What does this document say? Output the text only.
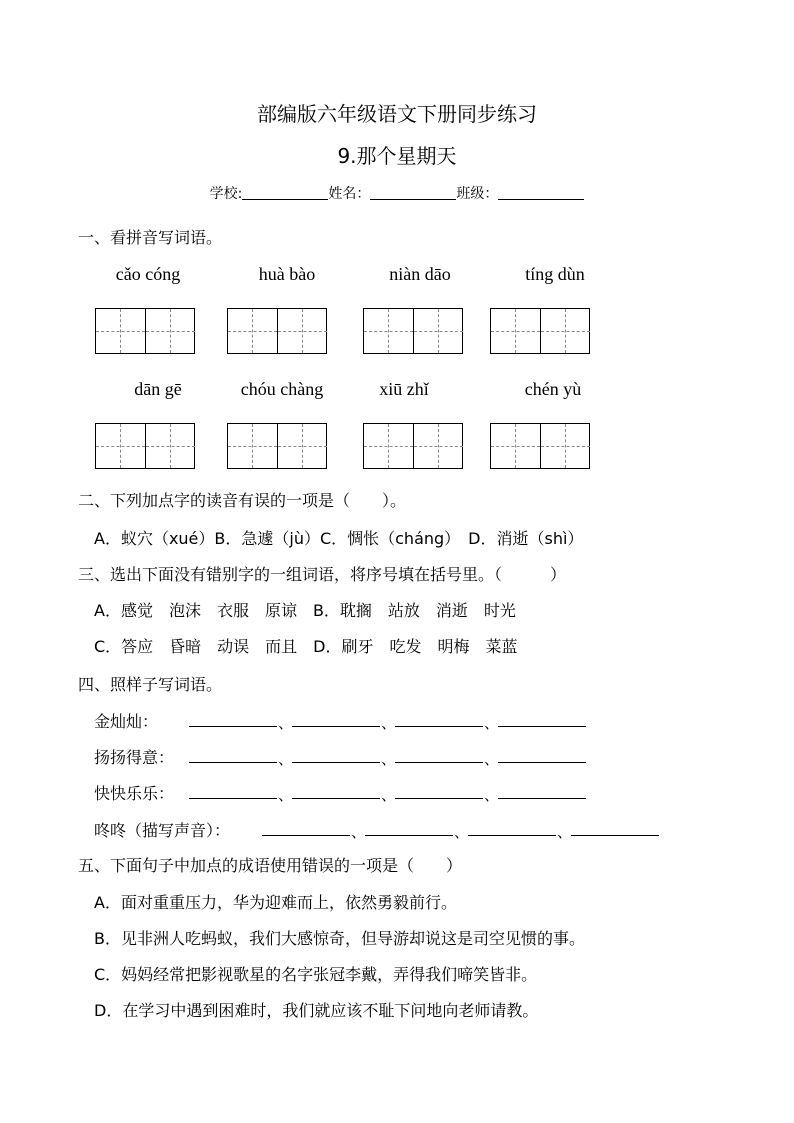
部编版六年级语文下册同步练习
9.那个星期天
学校:	姓名：	班级：
一、看拼音写词语。
cǎo cóng	huà bào	niàn dāo	tíng dùn
dān gē	chóu chàng	xiū zhǐ	chén yù
二、下列加点字的读音有误的一项是（　　）。
A．蚁穴（xué）B．急遽（jù）C．惆怅（cháng）　D．消逝（shì）
三、选出下面没有错别字的一组词语，将序号填在括号里。（　　　）
A．感觉　泡沫　衣服　原谅　B．耽搁　站放　消逝　时光
C．答应　昏暗　动误　而且　D．刷牙　吃发　明梅　菜蓝
四、照样子写词语。
金灿灿：	、	、	、
扬扬得意：	、	、	、
快快乐乐：	、	、	、
咚咚（描写声音）：	、	、	、
五、下面句子中加点的成语使用错误的一项是（　　）
A．面对重重压力，华为迎难而上，依然勇毅前行。
B．见非洲人吃蚂蚁，我们大感惊奇，但导游却说这是司空见惯的事。
C．妈妈经常把影视歌星的名字张冠李戴，弄得我们啼笑皆非。
D．在学习中遇到困难时，我们就应该不耻下问地向老师请教。
